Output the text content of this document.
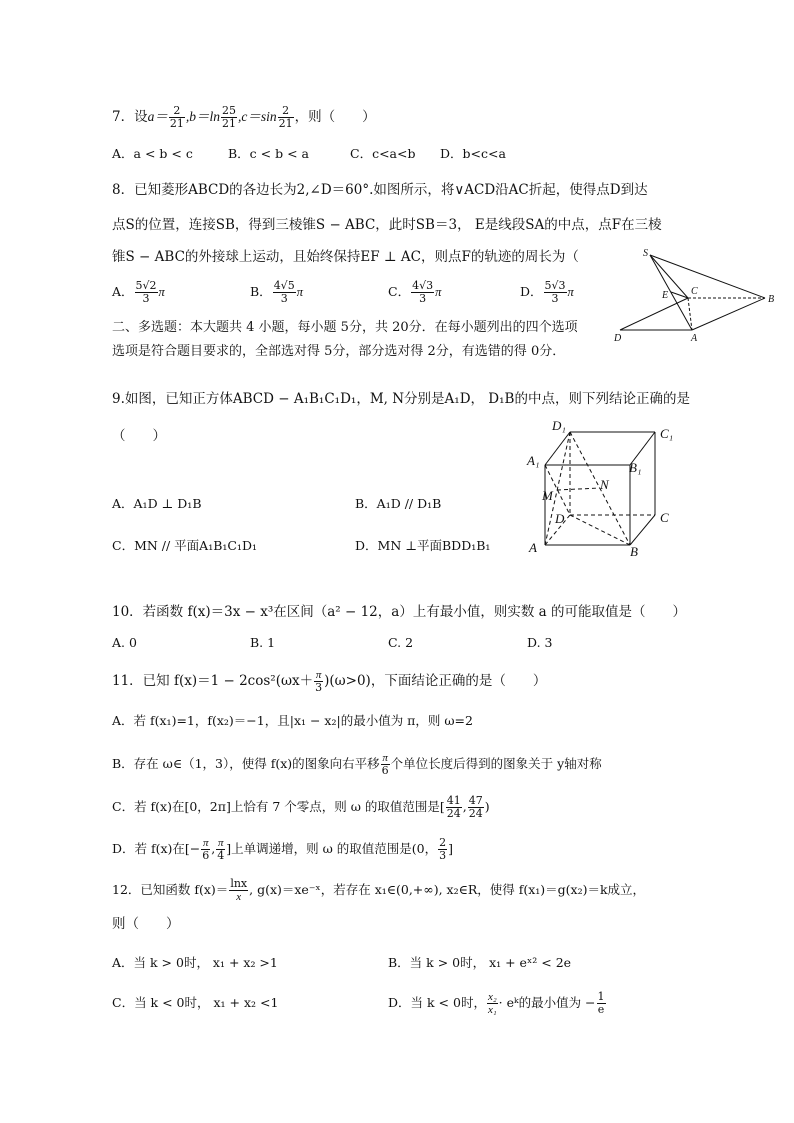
7．设$a= \frac{2}{21} ,b=\ln \frac{25}{21} ,c=\sin \frac{2}{21}$ ，则（　　）
A．a < b < c	B．c < b < a	C．c<a<b D．b<c<a
8．已知菱形ABCD的各边长为2,∠D＝60°.如图所示，将∨ACD沿AC折起，使得点D到达
点S的位置，连接SB，得到三棱锥S − ABC，此时SB＝3， E是线段SA的中点，点F在三棱
锥S − ABC的外接球上运动，且始终保持EF ⊥ AC，则点F的轨迹的周长为（
A． $\frac{5√2}{3}$ π	B． $\frac{4√5}{3}$ π	C． $\frac{4√3}{3}$ π	D． $\frac{5√3}{3}$ π
S
E C
B
D	A
二、多选题：本大题共 4 小题，每小题 5分，共 20分．在每小题列出的四个选项
选项是符合题目要求的，全部选对得 5分，部分选对得 2分，有选错的得 0分．
9.如图，已知正方体ABCD − A₁B₁C₁D₁，M, N分别是A₁D， D₁B的中点，则下列结论正确的是
（　　）
A．A₁D ⊥ D₁B	B．A₁D // D₁B
C．MN // 平面A₁B₁C₁D₁	D．MN ⊥平面BDD₁B₁
D₁
C₁
A₁	B₁
M
N
D	C
A	B
10．若函数 f(x)＝3x − x³在区间（a² − 12，a）上有最小值，则实数 a 的可能取值是（　　）
A. 0	B. 1	C. 2	D. 3
11．已知 $f(x)=1 - 2\cos^2(\omega x+ \frac{\pi}{3} )(\omega>0)$，下面结论正确的是（　　）
A．若 f(x₁)=1，f(x₂)＝−1，且|x₁ − x₂|的最小值为 π，则 ω=2
B．存在 ω∈（1，3），使得 f(x)的图象向右平移 $\frac{\pi}{6}$ 个单位长度后得到的图象关于 y轴对称
C．若 f(x)在[0，2π]上恰有 7 个零点，则 ω 的取值范围是[ $\frac{41}{24}$ , $\frac{47}{24}$ )
D．若 f(x)在[− $\frac{\pi}{6}$ , $\frac{\pi}{4}$ ]上单调递增，则 ω 的取值范围是(0， $\frac{2}{3}$ ]
12．已知函数 $f(x)= \frac{\ln x}{x}$ , g(x)＝xe⁻ˣ，若存在 x₁∈(0,+∞), x₂∈R，使得 f(x₁)＝g(x₂)＝k成立，
则（　　）
A．当 k > 0时， x₁ + x₂ >1	B．当 k > 0时， x₁ + eˣ² < 2e
C．当 k < 0时， x₁ + x₂ <1	D．当 k < 0时， $\frac{\text{x₂}}{\text{x₁}}$ · eᵏ的最小值为 − $\frac{1}{e}$
